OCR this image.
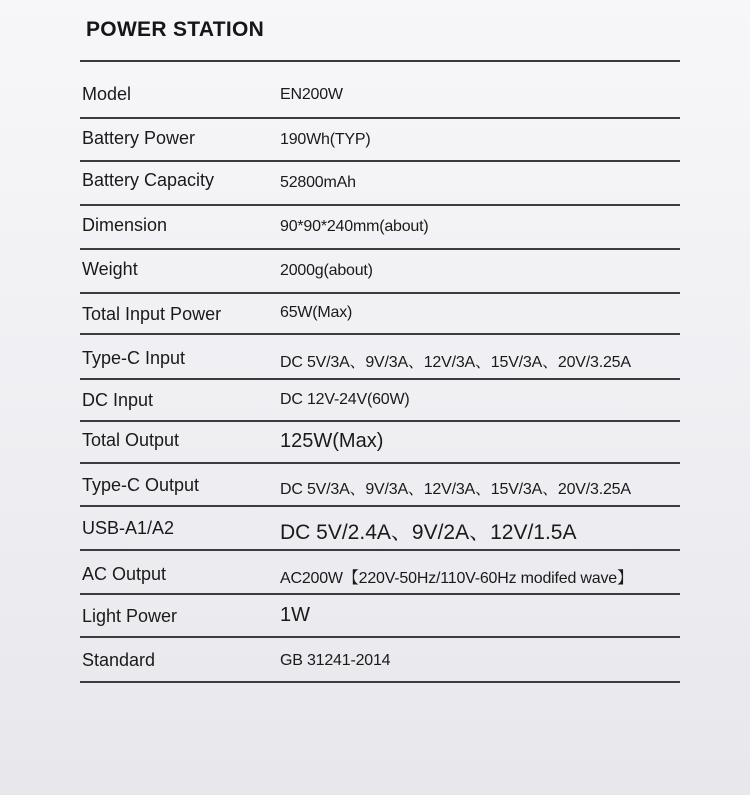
POWER STATION
Model	EN200W
Battery Power	190Wh(TYP)
Battery Capacity	52800mAh
Dimension	90*90*240mm(about)
Weight	2000g(about)
Total Input Power	65W(Max)
Type-C Input	DC 5V/3A、9V/3A、12V/3A、15V/3A、20V/3.25A
DC Input	DC 12V-24V(60W)
Total Output	125W(Max)
Type-C Output	DC 5V/3A、9V/3A、12V/3A、15V/3A、20V/3.25A
USB-A1/A2	DC 5V/2.4A、9V/2A、12V/1.5A
AC Output	AC200W【220V-50Hz/110V-60Hz modifed wave】
Light Power	1W
Standard	GB 31241-2014
